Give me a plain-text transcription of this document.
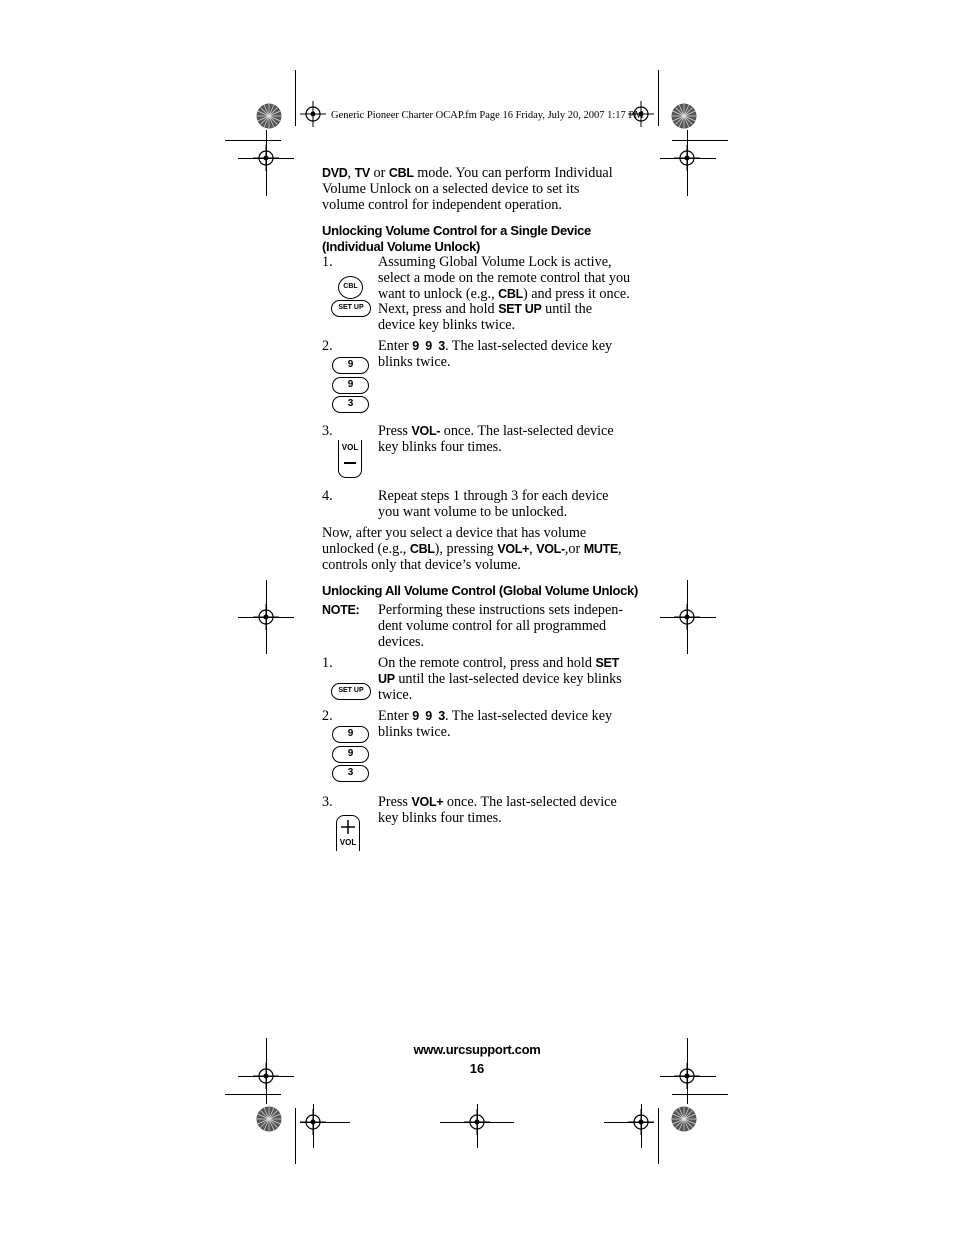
Generic Pioneer Charter OCAP.fm Page 16 Friday, July 20, 2007 1:17 PM
DVD, TV or CBL mode. You can perform Individual Volume Unlock on a selected device to set its volume control for independent operation.
Unlocking Volume Control for a Single Device (Individual Volume Unlock)
1.	Assuming Global Volume Lock is active, select a mode on the remote control that you want to unlock (e.g., CBL) and press it once. Next, press and hold SET UP until the device key blinks twice.
CBL
SET UP
2.	Enter 9  9  3. The last-selected device key blinks twice.
9
9
3
3.	Press VOL- once. The last-selected device key blinks four times.
VOL
4.	Repeat steps 1 through 3 for each device you want volume to be unlocked.
Now, after you select a device that has volume unlocked (e.g., CBL), pressing VOL+, VOL-,or MUTE, controls only that device’s volume.
Unlocking All Volume Control (Global Volume Unlock)
NOTE: Performing these instructions sets indepen-dent volume control for all programmed devices.
1.	On the remote control, press and hold SET UP until the last-selected device key blinks twice.
SET UP
2.	Enter 9  9  3. The last-selected device key blinks twice.
9
9
3
3.	Press VOL+ once. The last-selected device key blinks four times.
VOL
www.urcsupport.com
16
